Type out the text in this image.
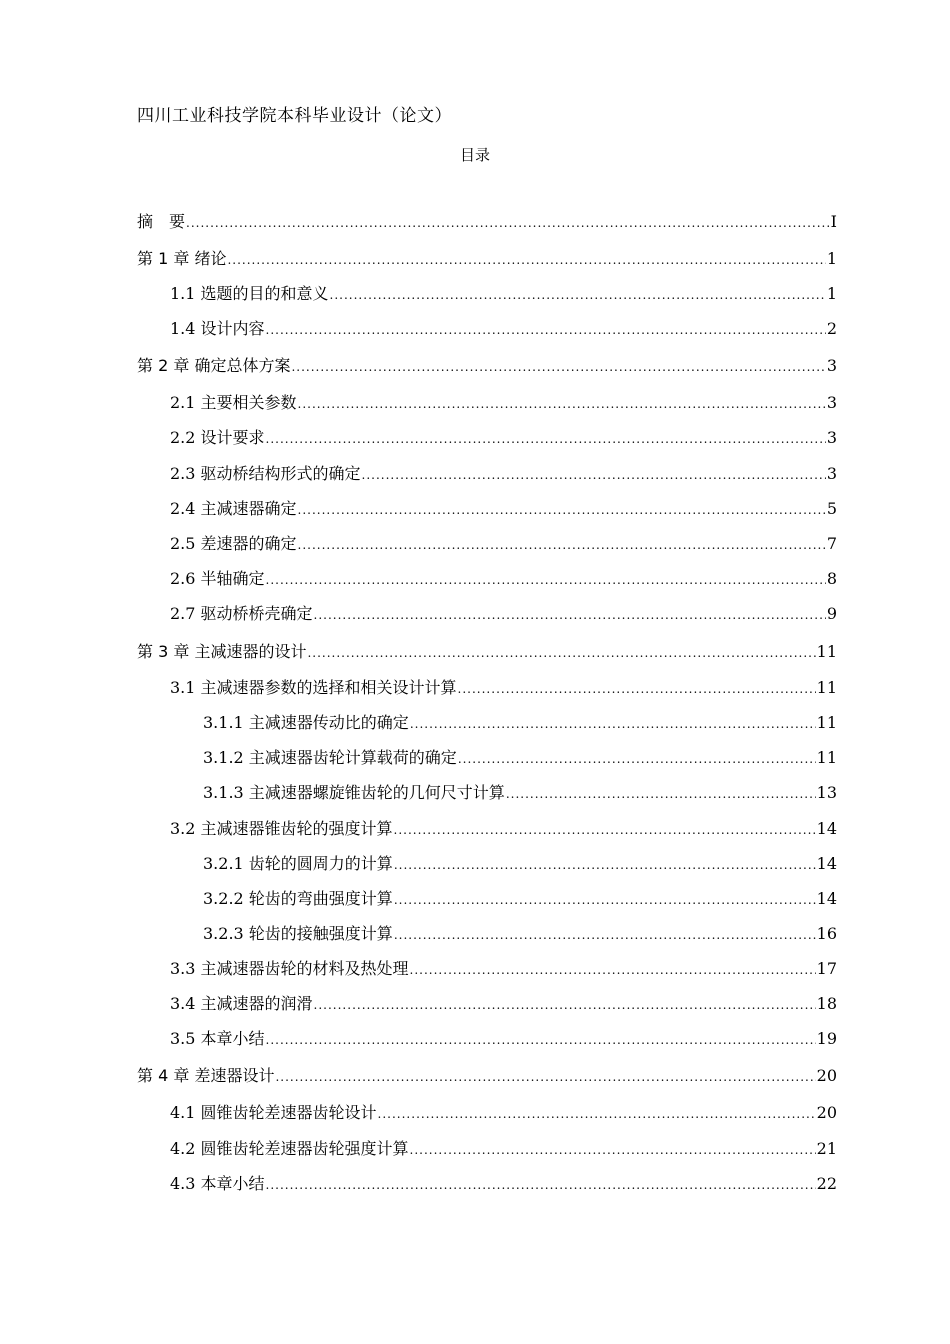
四川工业科技学院本科毕业设计（论文）
目录
摘　要 .....	I
第 1 章 绪论 .....	1
1.1 选题的目的和意义 .....	1
1.4 设计内容 .....	2
第 2 章 确定总体方案 .....	3
2.1 主要相关参数 .....	3
2.2 设计要求 .....	3
2.3 驱动桥结构形式的确定 .....	3
2.4 主减速器确定 .....	5
2.5 差速器的确定 .....	7
2.6 半轴确定 .....	8
2.7 驱动桥桥壳确定 .....	9
第 3 章 主减速器的设计 .....	11
3.1 主减速器参数的选择和相关设计计算 .....	11
3.1.1 主减速器传动比的确定 .....	11
3.1.2 主减速器齿轮计算载荷的确定 .....	11
3.1.3 主减速器螺旋锥齿轮的几何尺寸计算 .....	13
3.2 主减速器锥齿轮的强度计算 .....	14
3.2.1 齿轮的圆周力的计算 .....	14
3.2.2 轮齿的弯曲强度计算 .....	14
3.2.3 轮齿的接触强度计算 .....	16
3.3 主减速器齿轮的材料及热处理 .....	17
3.4 主减速器的润滑 .....	18
3.5 本章小结 .....	19
第 4 章 差速器设计 .....	20
4.1 圆锥齿轮差速器齿轮设计 .....	20
4.2 圆锥齿轮差速器齿轮强度计算 .....	21
4.3 本章小结 .....	22
